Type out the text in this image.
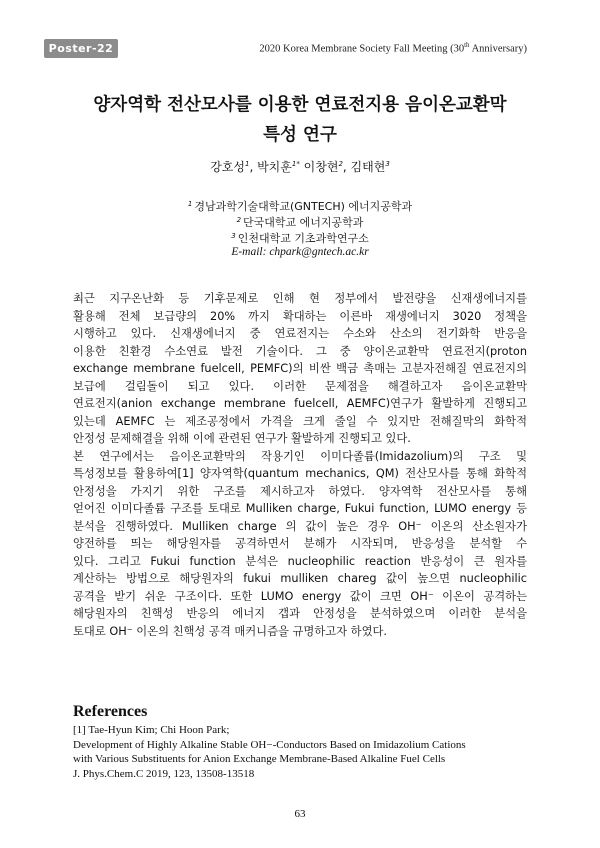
Poster-22	2020 Korea Membrane Society Fall Meeting (30th Anniversary)
양자역학 전산모사를 이용한 연료전지용 음이온교환막
특성 연구
강호성$^1$, 박치훈$^{1*}$ 이창현$^2$, 김태현$^3$
$^1$ 경남과학기술대학교(GNTECH) 에너지공학과
$^2$ 단국대학교 에너지공학과
$^3$ 인천대학교 기초과학연구소
E-mail: chpark@gntech.ac.kr
최근 지구온난화 등 기후문제로 인해 현 정부에서 발전량을 신재생에너지를
활용해 전체 보급량의 20% 까지 확대하는 이른바 재생에너지 3020 정책을
시행하고 있다. 신재생에너지 중 연료전지는 수소와 산소의 전기화학 반응을
이용한 친환경 수소연료 발전 기술이다. 그 중 양이온교환막 연료전지(proton
exchange membrane fuelcell, PEMFC)의 비싼 백금 촉매는 고분자전해질 연료전지의
보급에 걸림돌이 되고 있다. 이러한 문제점을 해결하고자 음이온교환막
연료전지(anion exchange membrane fuelcell, AEMFC)연구가 활발하게 진행되고
있는데 AEMFC 는 제조공정에서 가격을 크게 줄일 수 있지만 전해질막의 화학적
안정성 문제해결을 위해 이에 관련된 연구가 활발하게 진행되고 있다.
본 연구에서는 음이온교환막의 작용기인 이미다졸륨(Imidazolium)의 구조 및
특성정보를 활용하여[1] 양자역학(quantum mechanics, QM) 전산모사를 통해 화학적
안정성을 가지기 위한 구조를 제시하고자 하였다. 양자역학 전산모사를 통해
얻어진 이미다졸륨 구조를 토대로 Mulliken charge, Fukui function, LUMO energy 등
분석을 진행하였다. Mulliken charge 의 값이 높은 경우 OH⁻ 이온의 산소원자가
양전하를 띄는 해당원자를 공격하면서 분해가 시작되며, 반응성을 분석할 수
있다. 그리고 Fukui function 분석은 nucleophilic reaction 반응성이 큰 원자를
계산하는 방법으로 해당원자의 fukui mulliken chareg 값이 높으면 nucleophilic
공격을 받기 쉬운 구조이다. 또한 LUMO energy 값이 크면 OH⁻ 이온이 공격하는
해당원자의 친핵성 반응의 에너지 갭과 안정성을 분석하였으며 이러한 분석을
토대로 OH⁻ 이온의 친핵성 공격 매커니즘을 규명하고자 하였다.
References
[1] Tae-Hyun Kim; Chi Hoon Park;
Development of Highly Alkaline Stable OH−-Conductors Based on Imidazolium Cations
with Various Substituents for Anion Exchange Membrane-Based Alkaline Fuel Cells
J. Phys.Chem.C 2019, 123, 13508-13518
63
